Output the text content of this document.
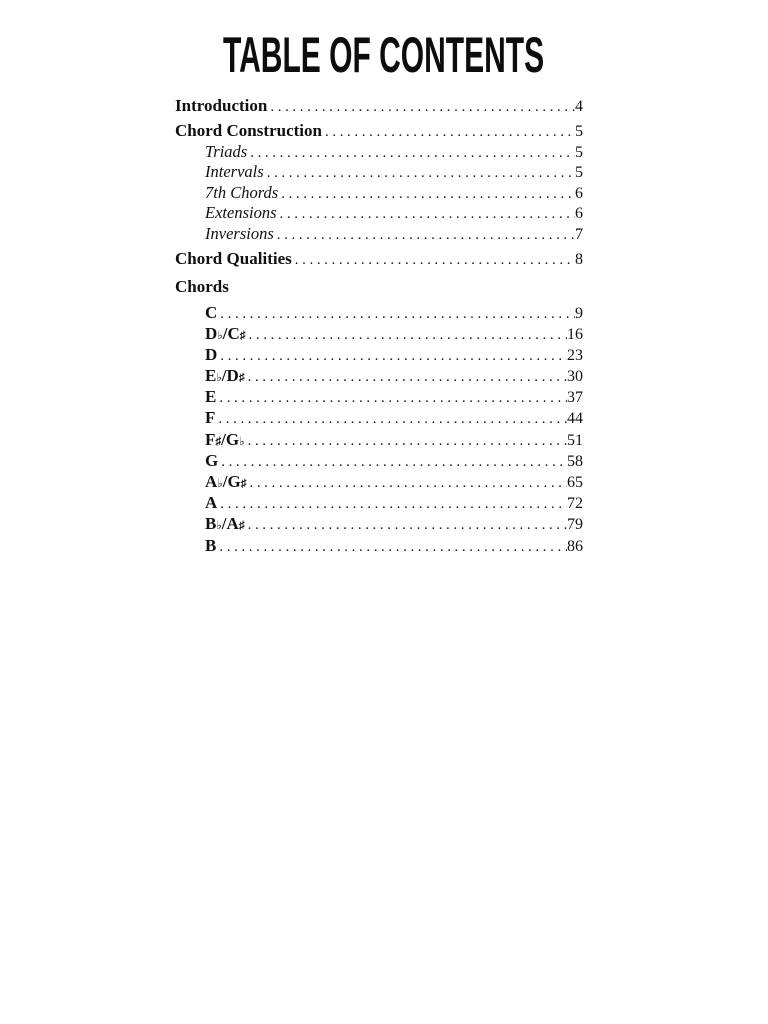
TABLE OF CONTENTS
Introduction .....	4
Chord Construction .....	5
Triads .....	5
Intervals .....	5
7th Chords .....	6
Extensions .....	6
Inversions .....	7
Chord Qualities .....	8
Chords
C .....	9
D♭/C♯ .....	16
D .....	23
E♭/D♯ .....	30
E .....	37
F .....	44
F♯/G♭ .....	51
G .....	58
A♭/G♯ .....	65
A .....	72
B♭/A♯ .....	79
B .....	86
